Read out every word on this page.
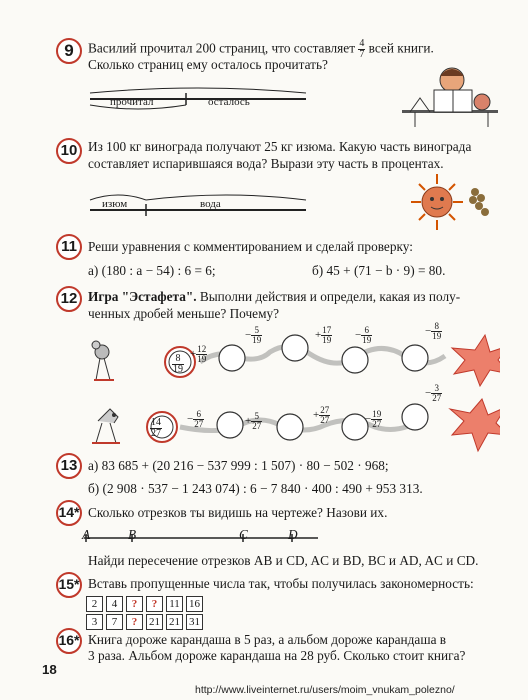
9	Василий прочитал 200 страниц, что составляет $\frac{4}{7}$ всей книги.
Сколько страниц ему осталось прочитать?
прочитал	осталось
10 Из 100 кг винограда получают 25 кг изюма. Какую часть винограда
составляет испарившаяся вода? Вырази эту часть в процентах.
изюм	вода
11 Реши уравнения с комментированием и сделай проверку:
а) (180 : a − 54) : 6 = 6;	б) 45 + (71 − b · 9) = 80.
12 Игра "Эстафета". Выполни действия и определи, какая из полу-
ченных дробей меньше? Почему?
$\frac{8}{19} + \frac{12}{19}$
− $\frac{5}{19}$	+ $\frac{17}{19} - \frac{6}{19}$	− $\frac{8}{19}$
$\frac{14}{27} - \frac{6}{27}$	+ $\frac{5}{27}$	+ $\frac{27}{27}$	− $\frac{19}{27}$
− $\frac{3}{27}$
13 а) 83 685 + (20 216 − 537 999 : 1 507) · 80 − 502 · 968;
б) (2 908 · 537 − 1 243 074) : 6 − 7 840 · 400 : 490 + 953 313.
14* Сколько отрезков ты видишь на чертеже? Назови их.
A	B	C	D
Найди пересечение отрезков AB и CD, AC и BD, BC и AD, AC и CD.
15* Вставь пропущенные числа так, чтобы получилась закономерность:
2	4	?	?	11	16
3	7	?	21	21	31
16* Книга дороже карандаша в 5 раз, а альбом дороже карандаша в
3 раза. Альбом дороже карандаша на 28 руб. Сколько стоит книга?
18
http://www.liveinternet.ru/users/moim_vnukam_polezno/
